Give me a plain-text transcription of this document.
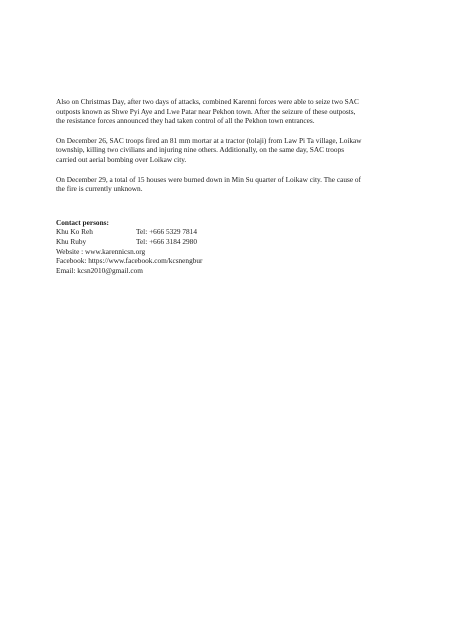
Also on Christmas Day, after two days of attacks, combined Karenni forces were able to seize two SAC
outposts known as Shwe Pyi Aye and Lwe Patar near Pekhon town. After the seizure of these outposts,
the resistance forces announced they had taken control of all the Pekhon town entrances.

On December 26, SAC troops fired an 81 mm mortar at a tractor (tolaji) from Law Pi Ta village, Loikaw
township, killing two civilians and injuring nine others. Additionally, on the same day, SAC troops
carried out aerial bombing over Loikaw city.

On December 29, a total of 15 houses were burned down in Min Su quarter of Loikaw city. The cause of
the fire is currently unknown.

Contact persons:
Khu Ko Reh	Tel: +666 5329 7814
Khu Ruby	Tel: +666 3184 2980
Website : www.karennicsn.org
Facebook: https://www.facebook.com/kcsnengbur
Email: kcsn2010@gmail.com
